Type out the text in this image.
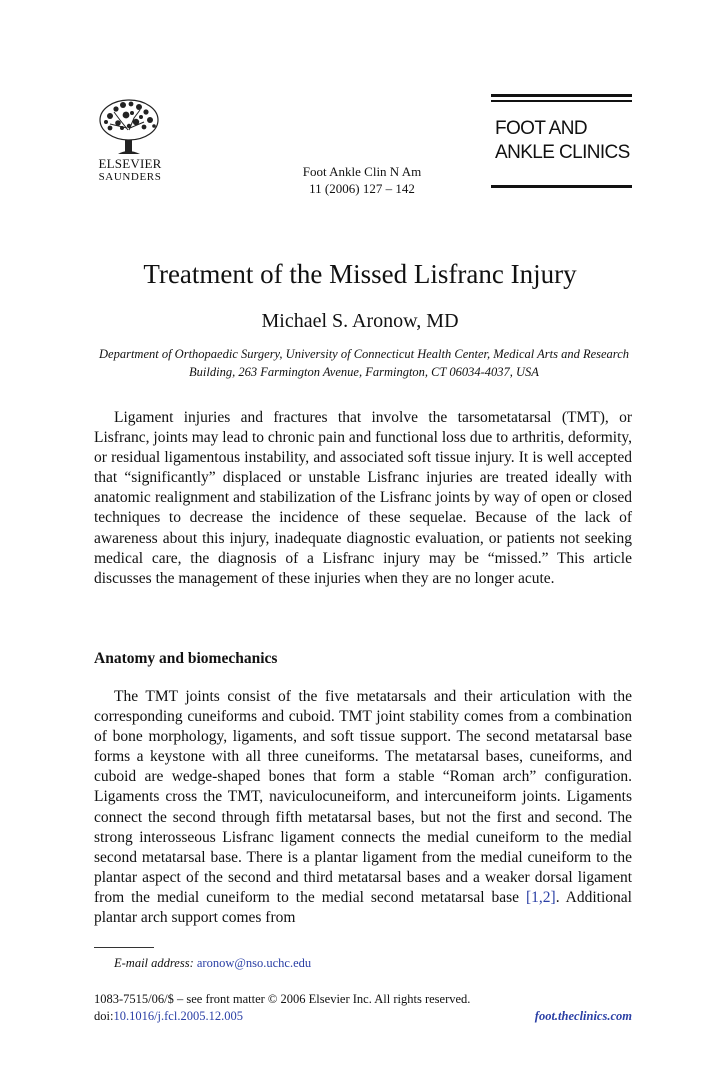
ELSEVIER
SAUNDERS	Foot Ankle Clin N Am
11 (2006) 127 – 142
FOOT AND
ANKLE CLINICS
Treatment of the Missed Lisfranc Injury
Michael S. Aronow, MD
Department of Orthopaedic Surgery, University of Connecticut Health Center, Medical Arts and Research Building, 263 Farmington Avenue, Farmington, CT 06034-4037, USA

Ligament injuries and fractures that involve the tarsometatarsal (TMT), or Lisfranc, joints may lead to chronic pain and functional loss due to arthritis, deformity, or residual ligamentous instability, and associated soft tissue injury. It is well accepted that “significantly” displaced or unstable Lisfranc injuries are treated ideally with anatomic realignment and stabilization of the Lisfranc joints by way of open or closed techniques to decrease the incidence of these sequelae. Because of the lack of awareness about this injury, inadequate diagnostic evaluation, or patients not seeking medical care, the diagnosis of a Lisfranc injury may be “missed.” This article discusses the management of these injuries when they are no longer acute.

Anatomy and biomechanics

The TMT joints consist of the five metatarsals and their articulation with the corresponding cuneiforms and cuboid. TMT joint stability comes from a combination of bone morphology, ligaments, and soft tissue support. The second metatarsal base forms a keystone with all three cuneiforms. The metatarsal bases, cuneiforms, and cuboid are wedge-shaped bones that form a stable “Roman arch” configuration. Ligaments cross the TMT, naviculocuneiform, and intercuneiform joints. Ligaments connect the second through fifth metatarsal bases, but not the first and second. The strong interosseous Lisfranc ligament connects the medial cuneiform to the medial second metatarsal base. There is a plantar ligament from the medial cuneiform to the plantar aspect of the second and third metatarsal bases and a weaker dorsal ligament from the medial cuneiform to the medial second metatarsal base [1,2]. Additional plantar arch support comes from

E-mail address: aronow@nso.uchc.edu
1083-7515/06/$ – see front matter © 2006 Elsevier Inc. All rights reserved.
doi:10.1016/j.fcl.2005.12.005	foot.theclinics.com
